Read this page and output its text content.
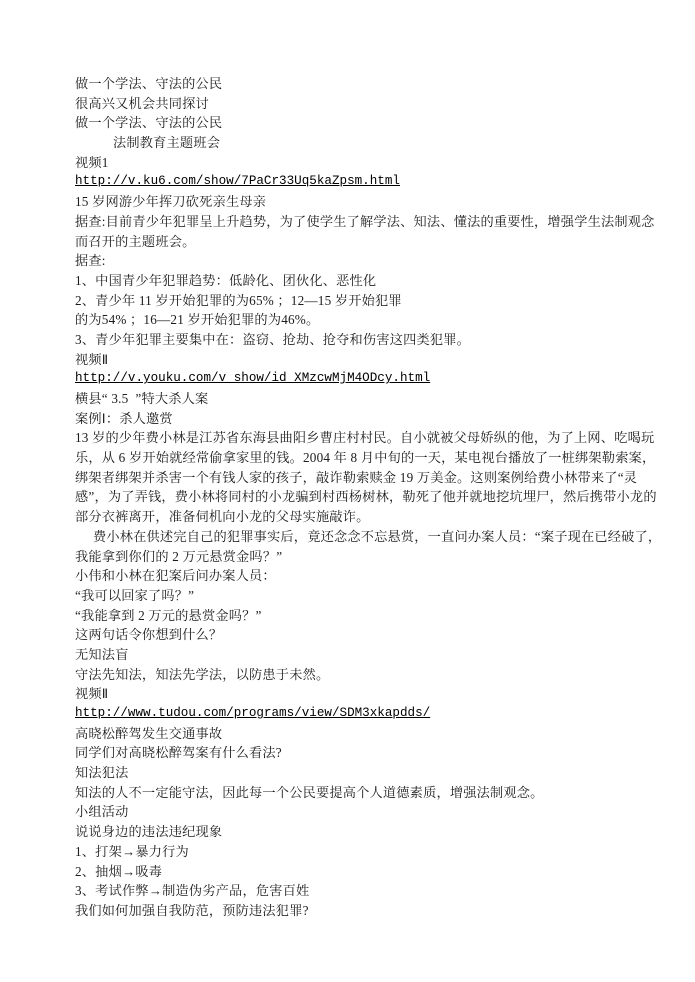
做一个学法、守法的公民
很高兴又机会共同探讨
做一个学法、守法的公民
法制教育主题班会
视频1
http://v.ku6.com/show/7PaCr33Uq5kaZpsm.html
15 岁网游少年挥刀砍死亲生母亲
据查:目前青少年犯罪呈上升趋势，为了使学生了解学法、知法、懂法的重要性，增强学生法制观念
而召开的主题班会。
据查:
1、中国青少年犯罪趋势：低龄化、团伙化、恶性化
2、青少年 11 岁开始犯罪的为65% ；12—15 岁开始犯罪
的为54% ；16—21 岁开始犯罪的为46%。
3、青少年犯罪主要集中在：盗窃、抢劫、抢夺和伤害这四类犯罪。
视频Ⅱ
http://v.youku.com/v_show/id_XMzcwMjM4ODcy.html
横县“ 3.5  ”特大杀人案
案例Ⅰ：杀人邀赏
13 岁的少年费小林是江苏省东海县曲阳乡曹庄村村民。自小就被父母娇纵的他，为了上网、吃喝玩
乐，从 6 岁开始就经常偷拿家里的钱。2004 年 8 月中旬的一天，某电视台播放了一桩绑架勒索案，
绑架者绑架并杀害一个有钱人家的孩子，敲诈勒索赎金 19 万美金。这则案例给费小林带来了“灵
感”，为了弄钱，费小林将同村的小龙骗到村西杨树林，勒死了他并就地挖坑埋尸，然后携带小龙的
部分衣裤离开，准备伺机向小龙的父母实施敲诈。
费小林在供述完自己的犯罪事实后，竟还念念不忘悬赏，一直问办案人员：“案子现在已经破了，
我能拿到你们的 2 万元悬赏金吗？”
小伟和小林在犯案后问办案人员：
“我可以回家了吗？”
“我能拿到 2 万元的悬赏金吗？”
这两句话令你想到什么？
无知法盲
守法先知法，知法先学法，以防患于未然。
视频Ⅱ
http://www.tudou.com/programs/view/SDM3xkapdds/
高晓松醉驾发生交通事故
同学们对高晓松醉驾案有什么看法?
知法犯法
知法的人不一定能守法，因此每一个公民要提高个人道德素质，增强法制观念。
小组活动
说说身边的违法违纪现象
1、打架→暴力行为
2、抽烟→吸毒
3、考试作弊→制造伪劣产品，危害百姓
我们如何加强自我防范，预防违法犯罪?
